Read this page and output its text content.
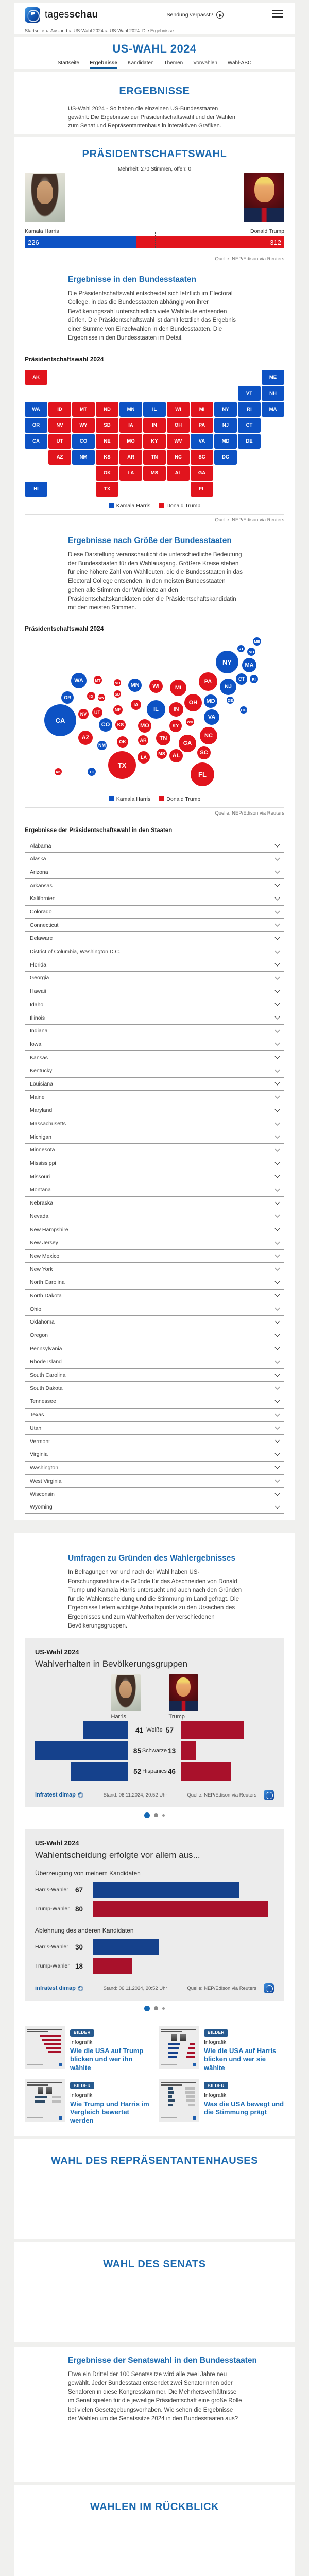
tagesschau	Sendung verpasst?
Startseite ▸ Ausland ▸ US-Wahl 2024 ▸ US-Wahl 2024: Die Ergebnisse
US-WAHL 2024
Startseite Ergebnisse Kandidaten Themen Vorwahlen Wahl-ABC
ERGEBNISSE

US-Wahl 2024 - So haben die einzelnen US-Bundesstaaten gewählt: Die Ergebnisse der Präsidentschaftswahl und der Wahlen zum Senat und Repräsentantenhaus in interaktiven Grafiken.

PRÄSIDENTSCHAFTSWAHL
Mehrheit: 270 Stimmen, offen: 0
Kamala Harris	Donald Trump
226	312
Quelle: NEP/Edison via Reuters
Ergebnisse in den Bundesstaaten

Die Präsidentschaftswahl entscheidet sich letztlich im Electoral College, in das die Bundesstaaten abhängig von ihrer Bevölkerungszahl unterschiedlich viele Wahlleute entsenden dürfen. Die Präsidentschaftswahl ist damit letztlich das Ergebnis einer Summe von Einzelwahlen in den Bundesstaaten. Die Ergebnisse in den Bundesstaaten im Detail.

Präsidentschaftswahl 2024
AK	ME
VT	NH
WA	ID	MT	ND	MN	IL	WI	MI	NY	RI	MA
OR	NV	WY	SD	IA	IN	OH	PA	NJ	CT
CA	UT	CO	NE	MO	KY	WV	VA	MD	DE
AZ	NM	KS	AR	TN	NC	SC	DC
OK	LA	MS	AL	GA
HI	TX	FL
Kamala Harris	Donald Trump
Quelle: NEP/Edison via Reuters
Ergebnisse nach Größe der Bundesstaaten

Diese Darstellung veranschaulicht die unterschiedliche Bedeutung der Bundesstaaten für den Wahlausgang. Größere Kreise stehen für eine höhere Zahl von Wahlleuten, die die Bundesstaaten in das Electoral College entsenden. In den meisten Bundesstaaten gehen alle Stimmen der Wahlleute an den Präsidentschaftskandidaten oder die Präsidentschaftskandidatin mit den meisten Stimmen.

Präsidentschaftswahl 2024
AK
ME
VT
NH
WA
ID
MT
ND	MN
IL
WI	MI
NY
RI
MA
OR
NV
WY
SD
IA
IN
OH
PA
NJ
CT
CA
UT
CO
NE
MO	KY
WV
VA
MD	DE
AZ
NM
KS
AR	TN	NC
SC
DC
OK
LA
MS	AL
GA
HI
TX
FL
Kamala Harris	Donald Trump
Quelle: NEP/Edison via Reuters
Ergebnisse der Präsidentschaftswahl in den Staaten
Alabama
Alaska
Arizona
Arkansas
Kalifornien
Colorado
Connecticut
Delaware
District of Columbia, Washington D.C.
Florida
Georgia
Hawaii
Idaho
Illinois
Indiana
Iowa
Kansas
Kentucky
Louisiana
Maine
Maryland
Massachusetts
Michigan
Minnesota
Mississippi
Missouri
Montana
Nebraska
Nevada
New Hampshire
New Jersey
New Mexico
New York
North Carolina
North Dakota
Ohio
Oklahoma
Oregon
Pennsylvania
Rhode Island
South Carolina
South Dakota
Tennessee
Texas
Utah
Vermont
Virginia
Washington
West Virginia
Wisconsin
Wyoming
Umfragen zu Gründen des Wahlergebnisses

In Befragungen vor und nach der Wahl haben US-Forschungsinstitute die Gründe für das Abschneiden von Donald Trump und Kamala Harris untersucht und auch nach den Gründen für die Wahlentscheidung und die Stimmung im Land gefragt. Die Ergebnisse liefern wichtige Anhaltspunkte zu den Ursachen des Ergebnisses und zum Wahlverhalten der verschiedenen Bevölkerungsgruppen.

US-Wahl 2024
Wahlverhalten in Bevölkerungsgruppen
Harris	Trump
41 Weiße 57
85 Schwarze 13
52 Hispanics 46
infratest dimap	Stand: 06.11.2024, 20:52 Uhr	Quelle: NEP/Edison via Reuters
US-Wahl 2024
Wahlentscheidung erfolgte vor allem aus...
Überzeugung von meinem Kandidaten
Harris-Wähler 67
Trump-Wähler 80
Ablehnung des anderen Kandidaten
Harris-Wähler 30
Trump-Wähler 18
infratest dimap	Stand: 06.11.2024, 20:52 Uhr	Quelle: NEP/Edison via Reuters
BILDER
Infografik
Wie die USA auf Trump blicken und wer ihn wählte
BILDER
Infografik
Wie die USA auf Harris blicken und wer sie wählte
BILDER
Infografik
Wie Trump und Harris im Vergleich bewertet werden
BILDER
Infografik
Was die USA bewegt und die Stimmung prägt
WAHL DES REPRÄSENTANTENHAUSES
WAHL DES SENATS
Ergebnisse der Senatswahl in den Bundesstaaten

Etwa ein Drittel der 100 Senatssitze wird alle zwei Jahre neu gewählt. Jeder Bundesstaat entsendet zwei Senatorinnen oder Senatoren in diese Kongresskammer. Die Mehrheitsverhältnisse im Senat spielen für die jeweilige Präsidentschaft eine große Rolle bei vielen Gesetzgebungsvorhaben. Wie sehen die Ergebnisse der Wahlen um die Senatssitze 2024 in den Bundesstaaten aus?

WAHLEN IM RÜCKBLICK
